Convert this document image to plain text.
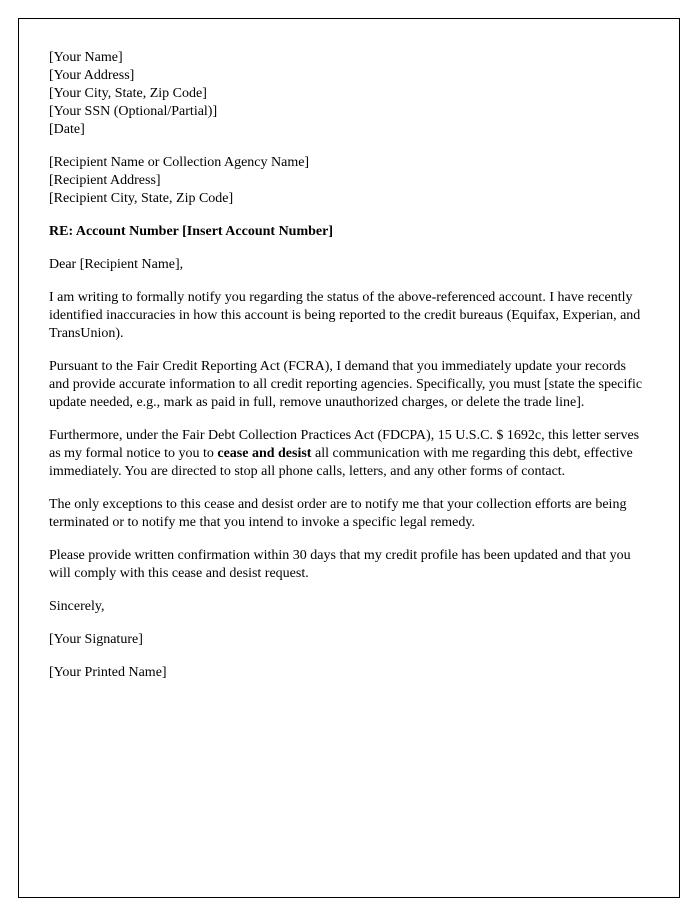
[Your Name]
[Your Address]
[Your City, State, Zip Code]
[Your SSN (Optional/Partial)]
[Date]
[Recipient Name or Collection Agency Name]
[Recipient Address]
[Recipient City, State, Zip Code]
RE: Account Number [Insert Account Number]
Dear [Recipient Name],
I am writing to formally notify you regarding the status of the above-referenced account. I have recently identified inaccuracies in how this account is being reported to the credit bureaus (Equifax, Experian, and TransUnion).
Pursuant to the Fair Credit Reporting Act (FCRA), I demand that you immediately update your records and provide accurate information to all credit reporting agencies. Specifically, you must [state the specific update needed, e.g., mark as paid in full, remove unauthorized charges, or delete the trade line].
Furthermore, under the Fair Debt Collection Practices Act (FDCPA), 15 U.S.C. $ 1692c, this letter serves as my formal notice to you to cease and desist all communication with me regarding this debt, effective immediately. You are directed to stop all phone calls, letters, and any other forms of contact.
The only exceptions to this cease and desist order are to notify me that your collection efforts are being terminated or to notify me that you intend to invoke a specific legal remedy.
Please provide written confirmation within 30 days that my credit profile has been updated and that you will comply with this cease and desist request.
Sincerely,
[Your Signature]
[Your Printed Name]
